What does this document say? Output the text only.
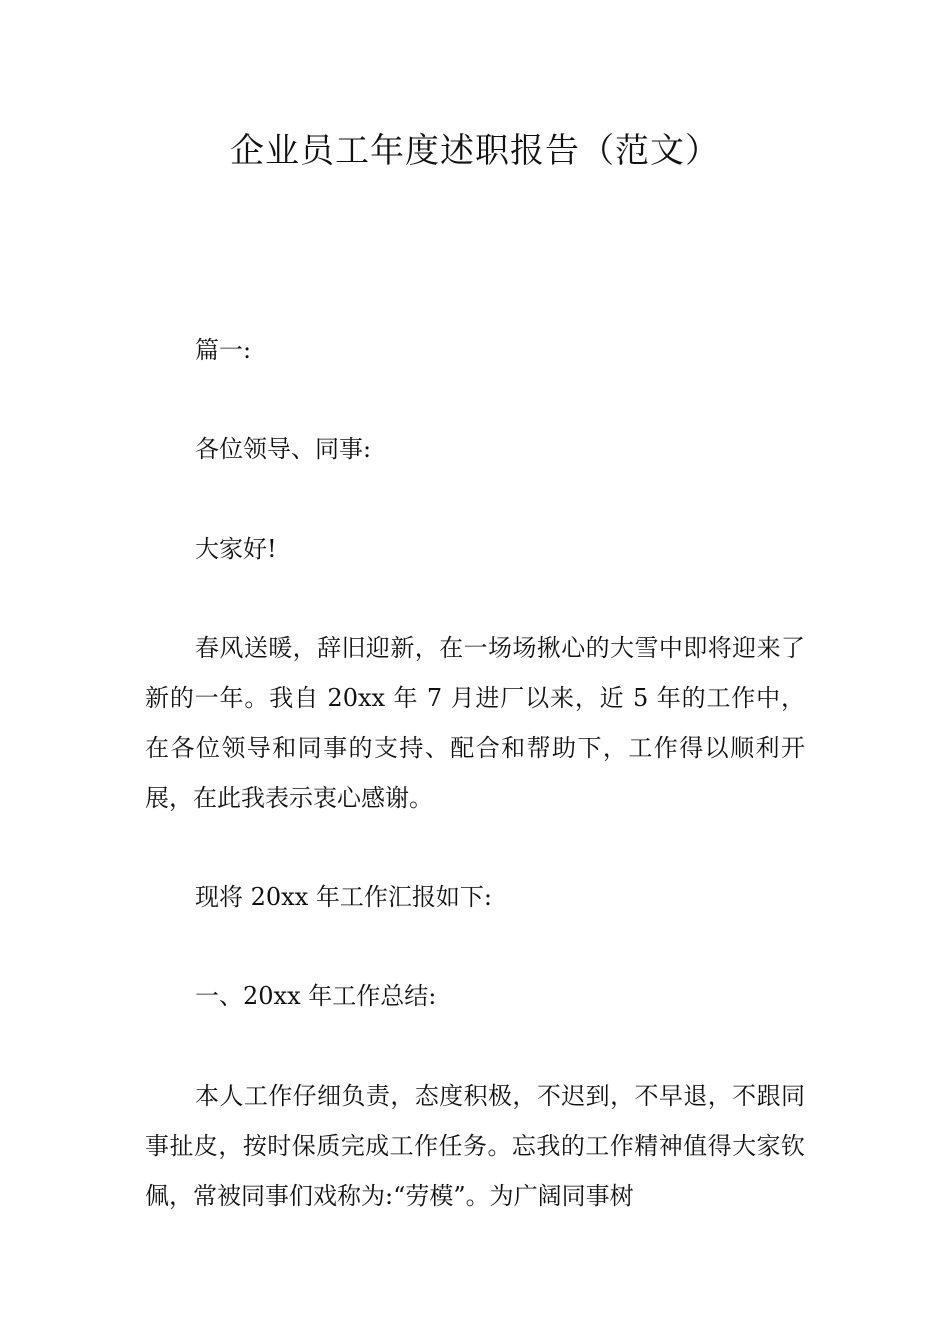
企业员工年度述职报告（范文）

篇一:

各位领导、同事:

大家好!

春风送暖，辞旧迎新，在一场场揪心的大雪中即将迎来了新的一年。我自 20xx 年 7 月进厂以来，近 5 年的工作中，在各位领导和同事的支持、配合和帮助下，工作得以顺利开展，在此我表示衷心感谢。

现将 20xx 年工作汇报如下:

一、20xx 年工作总结:

本人工作仔细负责，态度积极，不迟到，不早退，不跟同事扯皮，按时保质完成工作任务。忘我的工作精神值得大家钦佩，常被同事们戏称为:“劳模”。为广阔同事树
